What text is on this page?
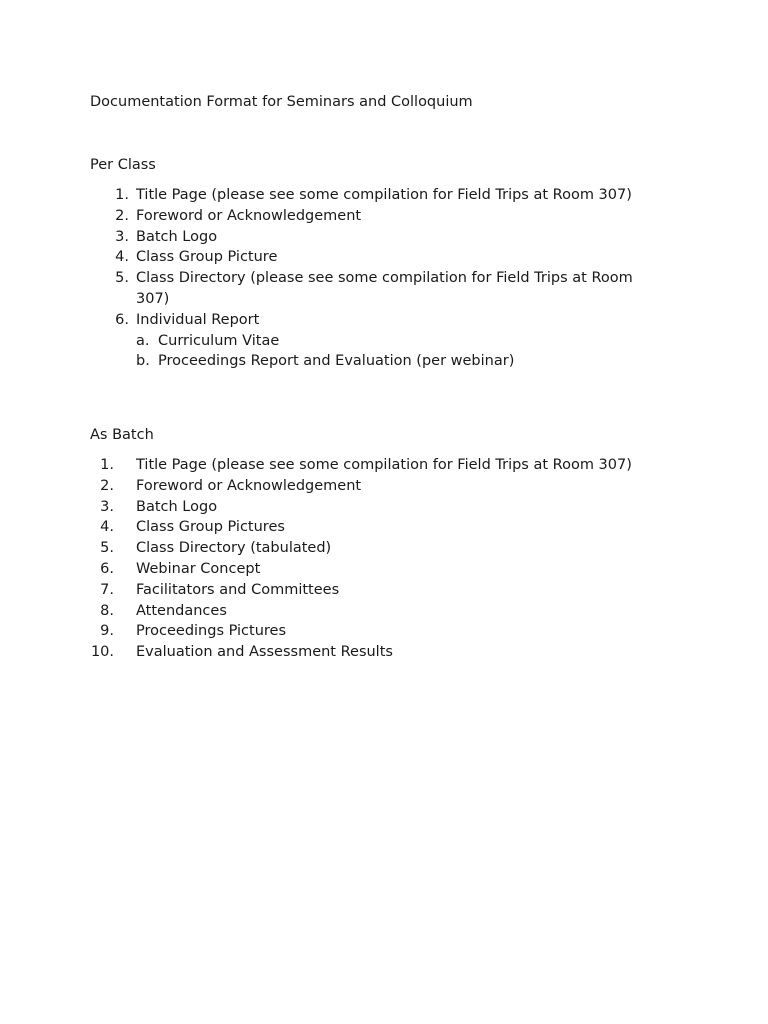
Documentation Format for Seminars and Colloquium
Per Class
1. Title Page (please see some compilation for Field Trips at Room 307)
2. Foreword or Acknowledgement
3. Batch Logo
4. Class Group Picture
5. Class Directory (please see some compilation for Field Trips at Room 307)
6. Individual Report
a. Curriculum Vitae
b. Proceedings Report and Evaluation (per webinar)
As Batch
1. Title Page (please see some compilation for Field Trips at Room 307)
2. Foreword or Acknowledgement
3. Batch Logo
4. Class Group Pictures
5. Class Directory (tabulated)
6. Webinar Concept
7. Facilitators and Committees
8. Attendances
9. Proceedings Pictures
10. Evaluation and Assessment Results
